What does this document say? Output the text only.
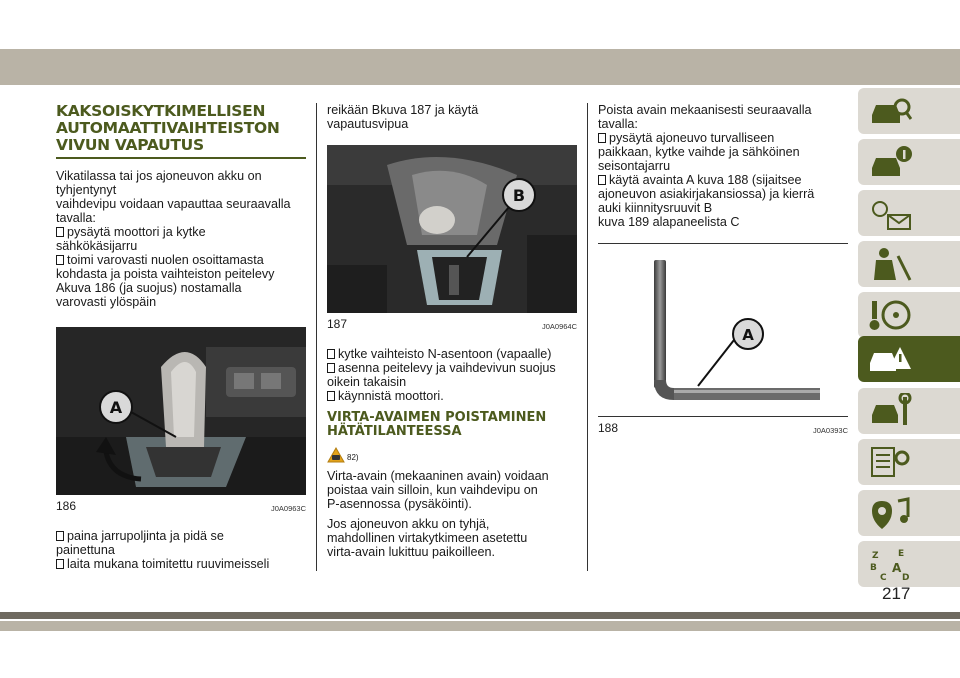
KAKSOISKYTKIMELLISEN
AUTOMAATTIVAIHTEISTON
VIVUN VAPAUTUS

Vikatilassa tai jos ajoneuvon akku on tyhjentynyt
vaihdevipu voidaan vapauttaa seuraavalla
tavalla:

pysäytä moottori ja kytke
sähkökäsijarru

toimi varovasti nuolen osoittamasta
kohdasta ja poista vaihteiston peitelevy
Akuva 186 (ja suojus) nostamalla
varovasti ylöspäin

A
186	J0A0963C

paina jarrupoljinta ja pidä se
painettuna

laita mukana toimitettu ruuvimeisseli

reikään Bkuva 187 ja käytä
vapautusvipua

B
187	J0A0964C

kytke vaihteisto N-asentoon (vapaalle)

asenna peitelevy ja vaihdevivun suojus
oikein takaisin

käynnistä moottori.

VIRTA-AVAIMEN POISTAMINEN
HÄTÄTILANTEESSA
82)

Virta-avain (mekaaninen avain) voidaan
poistaa vain silloin, kun vaihdevipu on
P-asennossa (pysäköinti).

Jos ajoneuvon akku on tyhjä,
mahdollinen virtakytkimeen asetettu
virta-avain lukittuu paikoilleen.

Poista avain mekaanisesti seuraavalla
tavalla:

pysäytä ajoneuvo turvalliseen
paikkaan, kytke vaihde ja sähköinen
seisontajarru

käytä avainta A kuva 188 (sijaitsee
ajoneuvon asiakirjakansiossa) ja kierrä
auki kiinnitysruuvit B
kuva 189 alapaneelista C

A
188	J0A0393C
Z E
B A
C D
217
